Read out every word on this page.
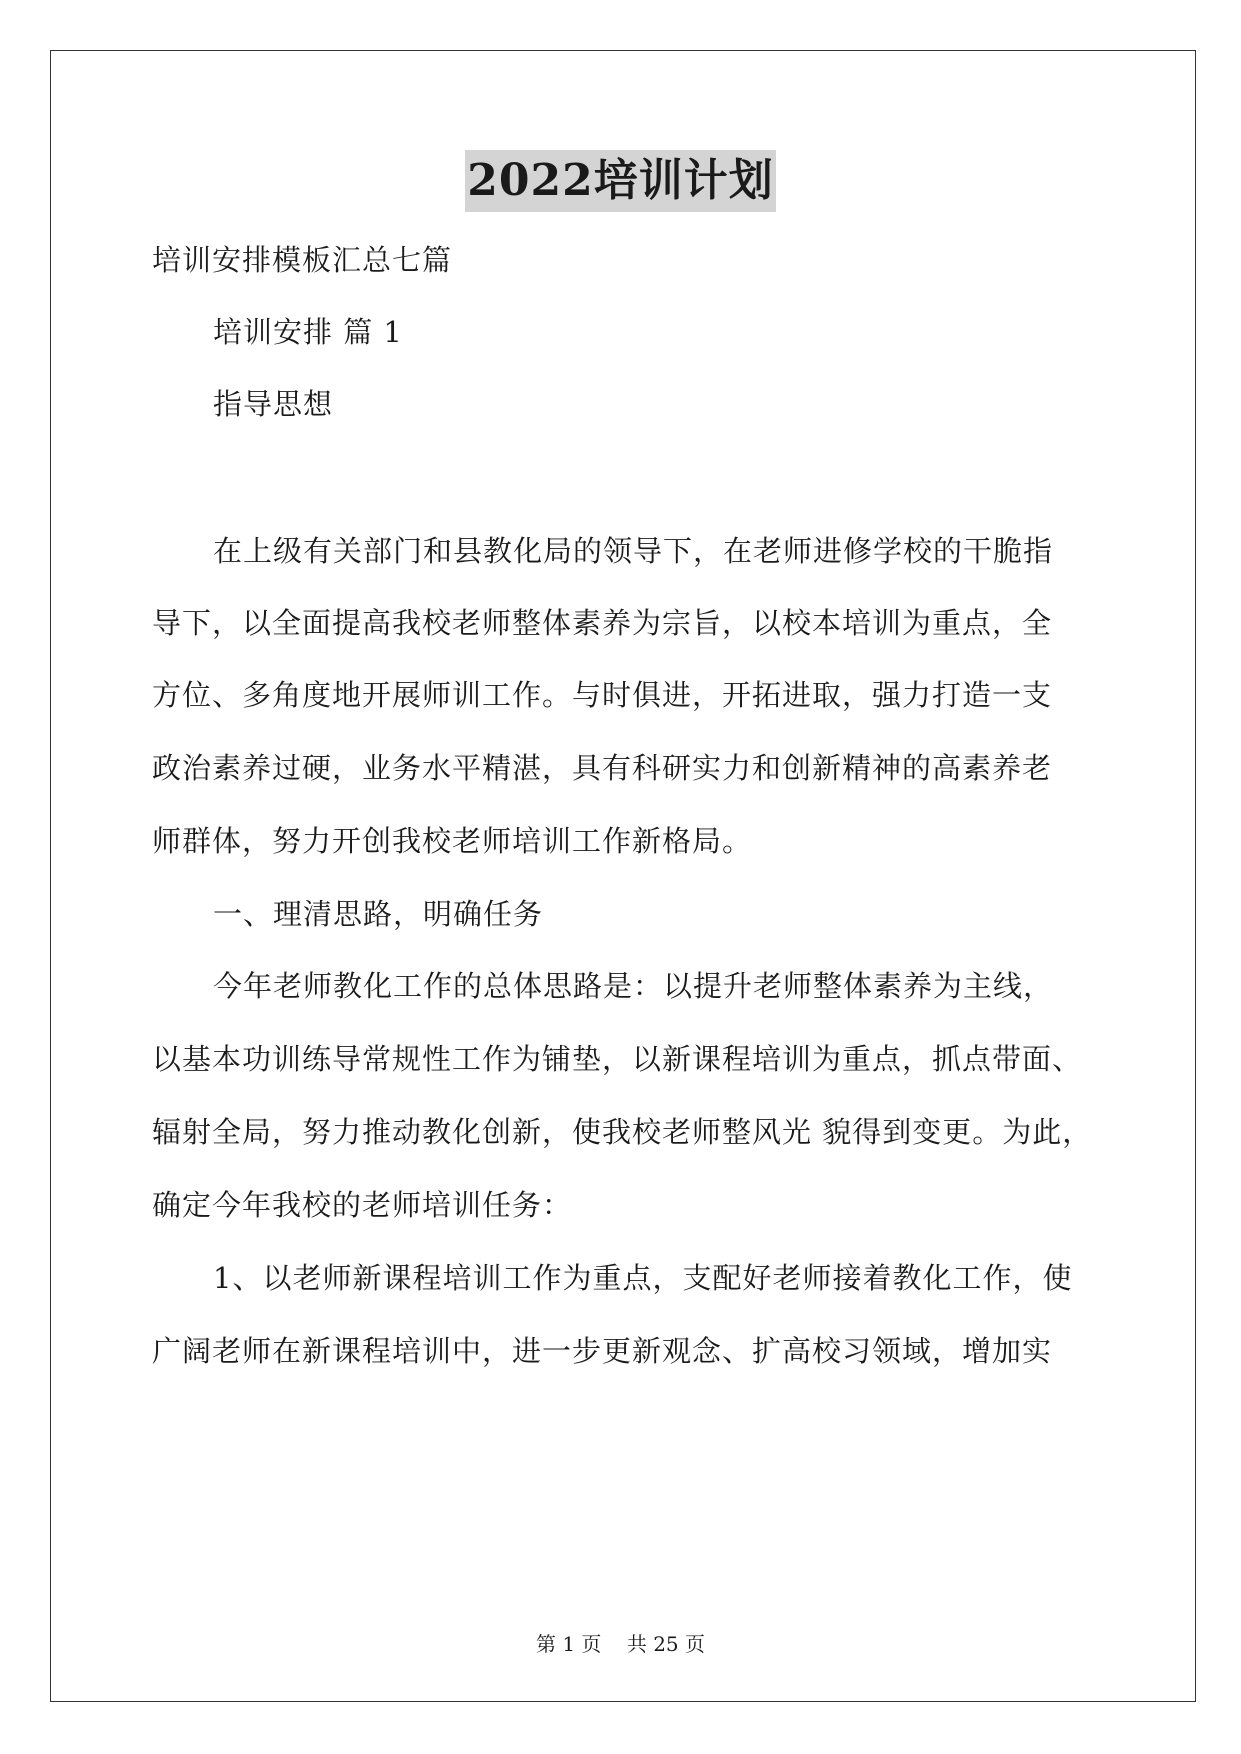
2022培训计划
培训安排模板汇总七篇
培训安排 篇 1
指导思想
在上级有关部门和县教化局的领导下，在老师进修学校的干脆指
导下，以全面提高我校老师整体素养为宗旨，以校本培训为重点，全
方位、多角度地开展师训工作。与时俱进，开拓进取，强力打造一支
政治素养过硬，业务水平精湛，具有科研实力和创新精神的高素养老
师群体，努力开创我校老师培训工作新格局。
一、理清思路，明确任务
今年老师教化工作的总体思路是：以提升老师整体素养为主线，
以基本功训练导常规性工作为铺垫，以新课程培训为重点，抓点带面、
辐射全局，努力推动教化创新，使我校老师整风光 貌得到变更。为此，
确定今年我校的老师培训任务：
1、以老师新课程培训工作为重点，支配好老师接着教化工作，使
广阔老师在新课程培训中，进一步更新观念、扩高校习领域，增加实
第 1 页    共 25 页
